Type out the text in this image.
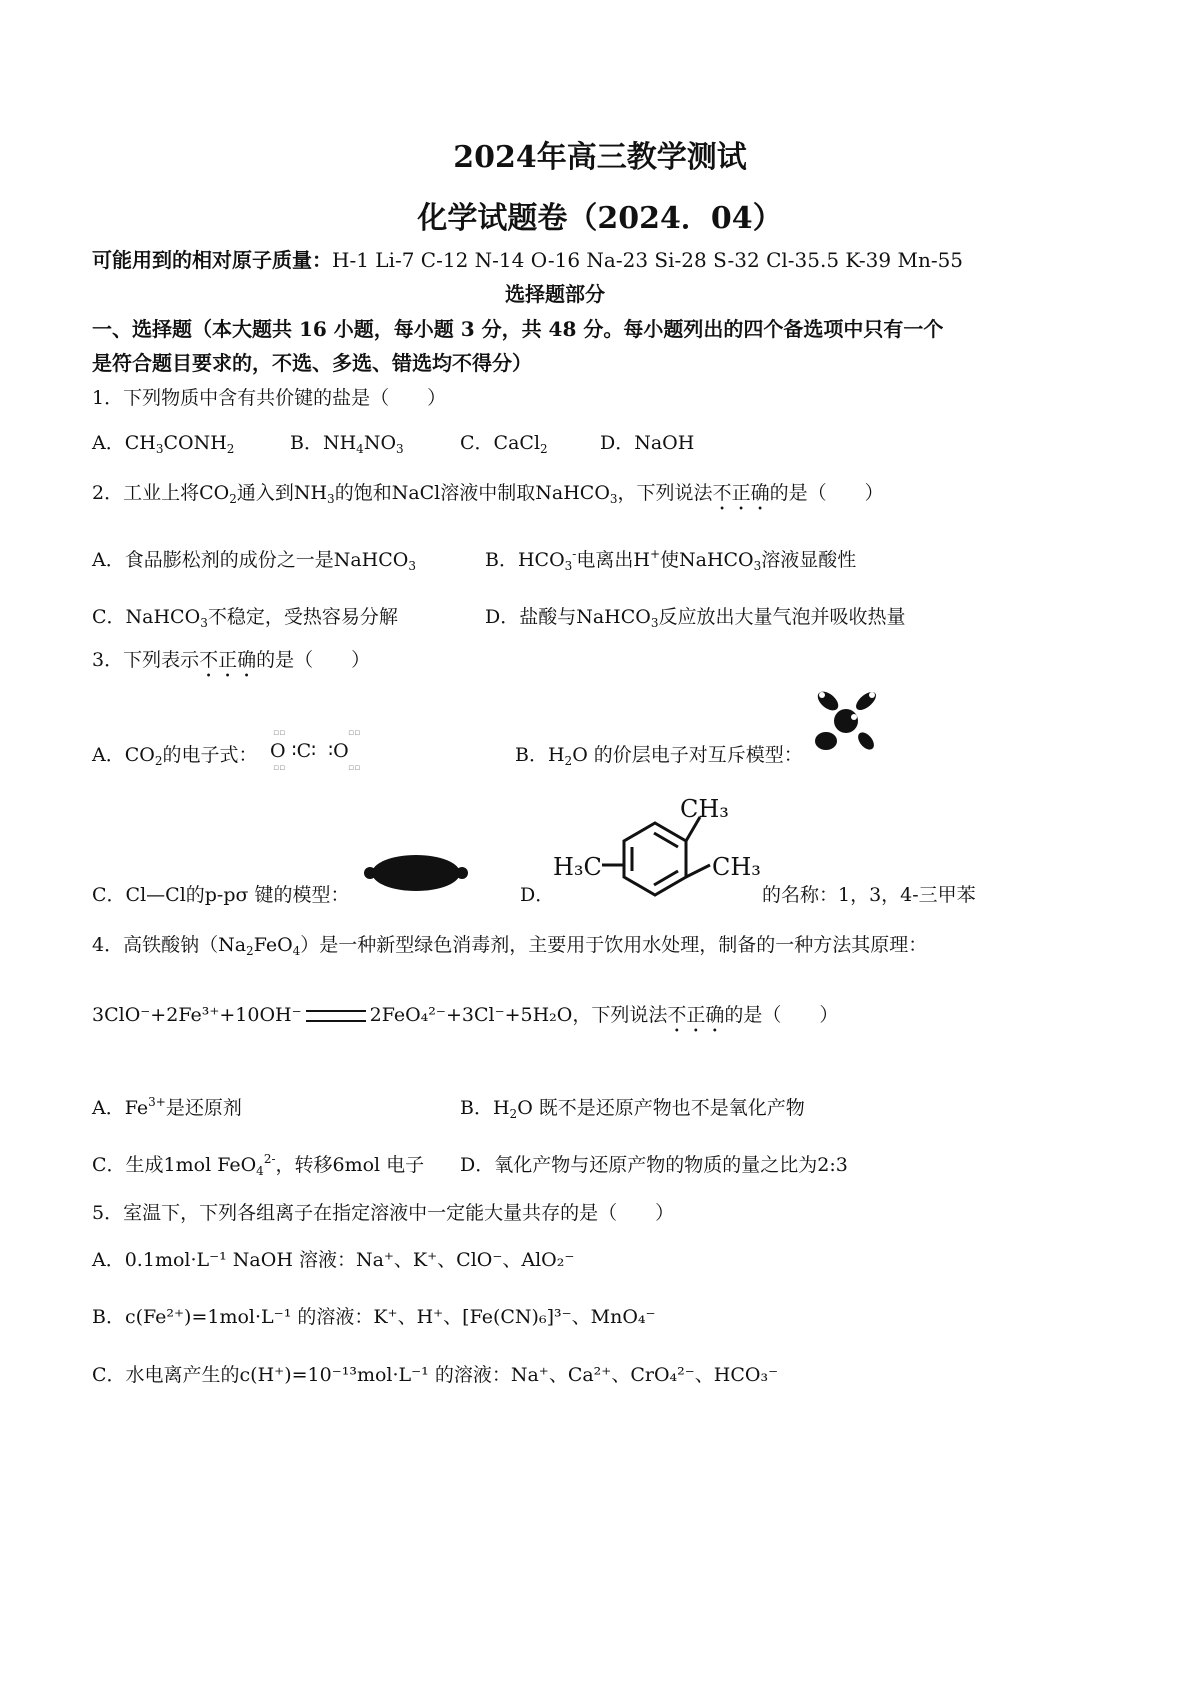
2024年高三教学测试
化学试题卷（2024．04）
可能用到的相对原子质量：H-1 Li-7 C-12 N-14 O-16 Na-23 Si-28 S-32 Cl-35.5 K-39 Mn-55
选择题部分
一、选择题（本大题共 16 小题，每小题 3 分，共 48 分。每小题列出的四个备选项中只有一个
是符合题目要求的，不选、多选、错选均不得分）
1．下列物质中含有共价键的盐是（　　）
A．$CH_3CONH_2$	B．$NH_4NO_3$	C．CaCl$_2$	D．NaOH
2．工业上将$CO_2$通入到$NH_3$的饱和NaCl溶液中制取NaHCO$_3$，下列说法不正确的是（　　）
A．食品膨松剂的成份之一是NaHCO$_3$	B．$HCO_3^-$电离出H+使NaHCO$_3$溶液显酸性
C．NaHCO$_3$不稳定，受热容易分解	D．盐酸与NaHCO$_3$反应放出大量气泡并吸收热量
3．下列表示不正确的是（　　）
A．$CO_2$的电子式： O ∶C∶ ∶O
▫▫
▫▫
▫▫
▫▫
B．$H_2O$ 的价层电子对互斥模型：
C．Cl—Cl的p-pσ 键的模型：	D．
CH₃
H₃C	CH₃
的名称：1，3，4-三甲苯
4．高铁酸钠$(Na_2FeO_4)$是一种新型绿色消毒剂，主要用于饮用水处理，制备的一种方法其原理：
3ClO⁻+2Fe³⁺+10OH⁻	2FeO₄²⁻+3Cl⁻+5H₂O，下列说法不正确的是（　　）
A．$Fe^{3+}$是还原剂	B．$H_2O$ 既不是还原产物也不是氧化产物
C．生成1mol FeO$_4^{2-}$，转移6mol 电子 D．氧化产物与还原产物的物质的量之比为2:3
5．室温下，下列各组离子在指定溶液中一定能大量共存的是（　　）
A．0.1mol·L⁻¹ NaOH 溶液：Na⁺、K⁺、ClO⁻、AlO₂⁻
B．c(Fe²⁺)=1mol·L⁻¹ 的溶液：K⁺、H⁺、[Fe(CN)₆]³⁻、MnO₄⁻
C．水电离产生的c(H⁺)=10⁻¹³mol·L⁻¹ 的溶液：Na⁺、Ca²⁺、CrO₄²⁻、HCO₃⁻
